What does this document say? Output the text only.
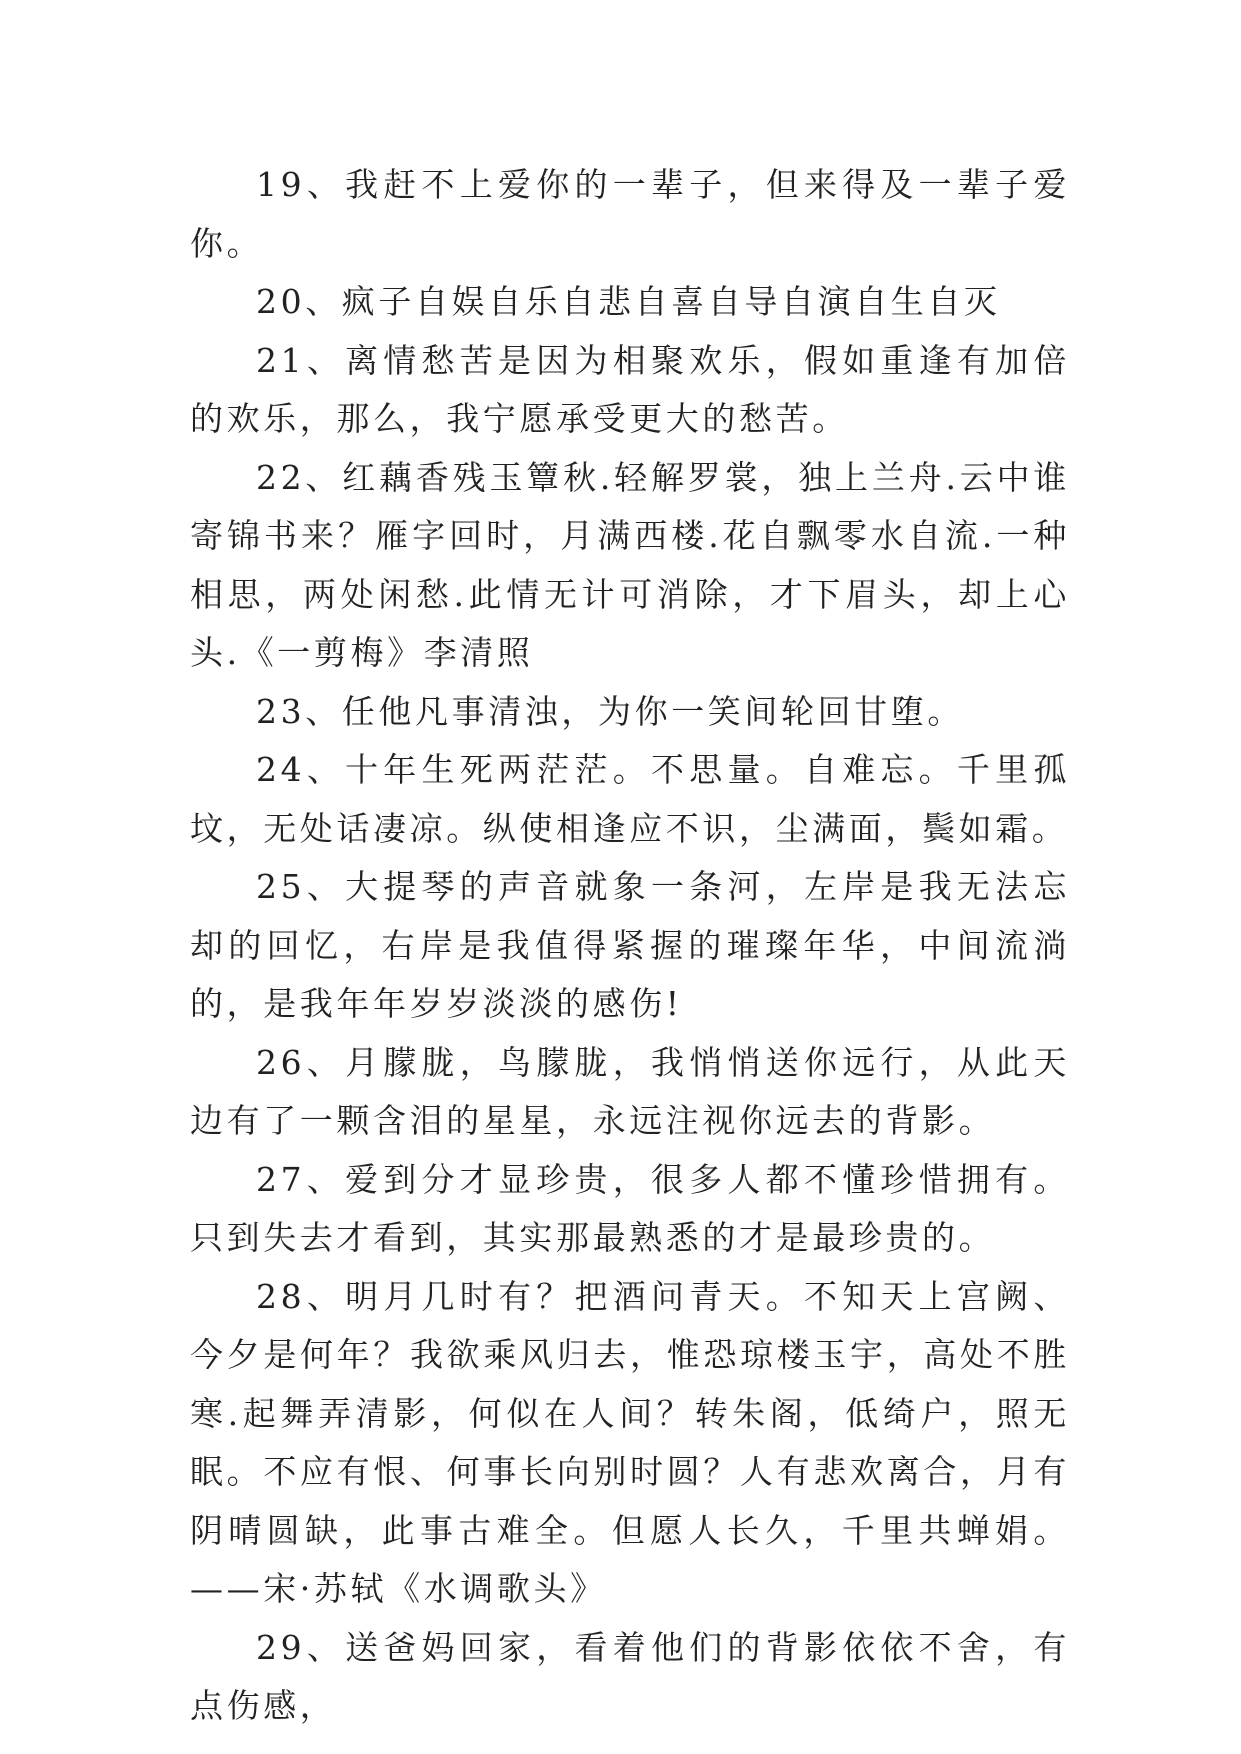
19、我赶不上爱你的一辈子，但来得及一辈子爱你。

20、疯子自娱自乐自悲自喜自导自演自生自灭

21、离情愁苦是因为相聚欢乐，假如重逢有加倍的欢乐，那么，我宁愿承受更大的愁苦。

22、红藕香残玉簟秋.轻解罗裳，独上兰舟.云中谁寄锦书来？雁字回时，月满西楼.花自飘零水自流.一种相思，两处闲愁.此情无计可消除，才下眉头，却上心头.《一剪梅》李清照

23、任他凡事清浊，为你一笑间轮回甘堕。

24、十年生死两茫茫。不思量。自难忘。千里孤坟，无处话凄凉。纵使相逢应不识，尘满面，鬓如霜。

25、大提琴的声音就象一条河，左岸是我无法忘却的回忆，右岸是我值得紧握的璀璨年华，中间流淌的，是我年年岁岁淡淡的感伤!

26、月朦胧，鸟朦胧，我悄悄送你远行，从此天边有了一颗含泪的星星，永远注视你远去的背影。

27、爱到分才显珍贵，很多人都不懂珍惜拥有。只到失去才看到，其实那最熟悉的才是最珍贵的。

28、明月几时有？把酒问青天。不知天上宫阙、今夕是何年？我欲乘风归去，惟恐琼楼玉宇，高处不胜寒.起舞弄清影，何似在人间？转朱阁，低绮户，照无眠。不应有恨、何事长向别时圆？人有悲欢离合，月有阴晴圆缺，此事古难全。但愿人长久，千里共蝉娟。——宋·苏轼《水调歌头》

29、送爸妈回家，看着他们的背影依依不舍，有点伤感，
